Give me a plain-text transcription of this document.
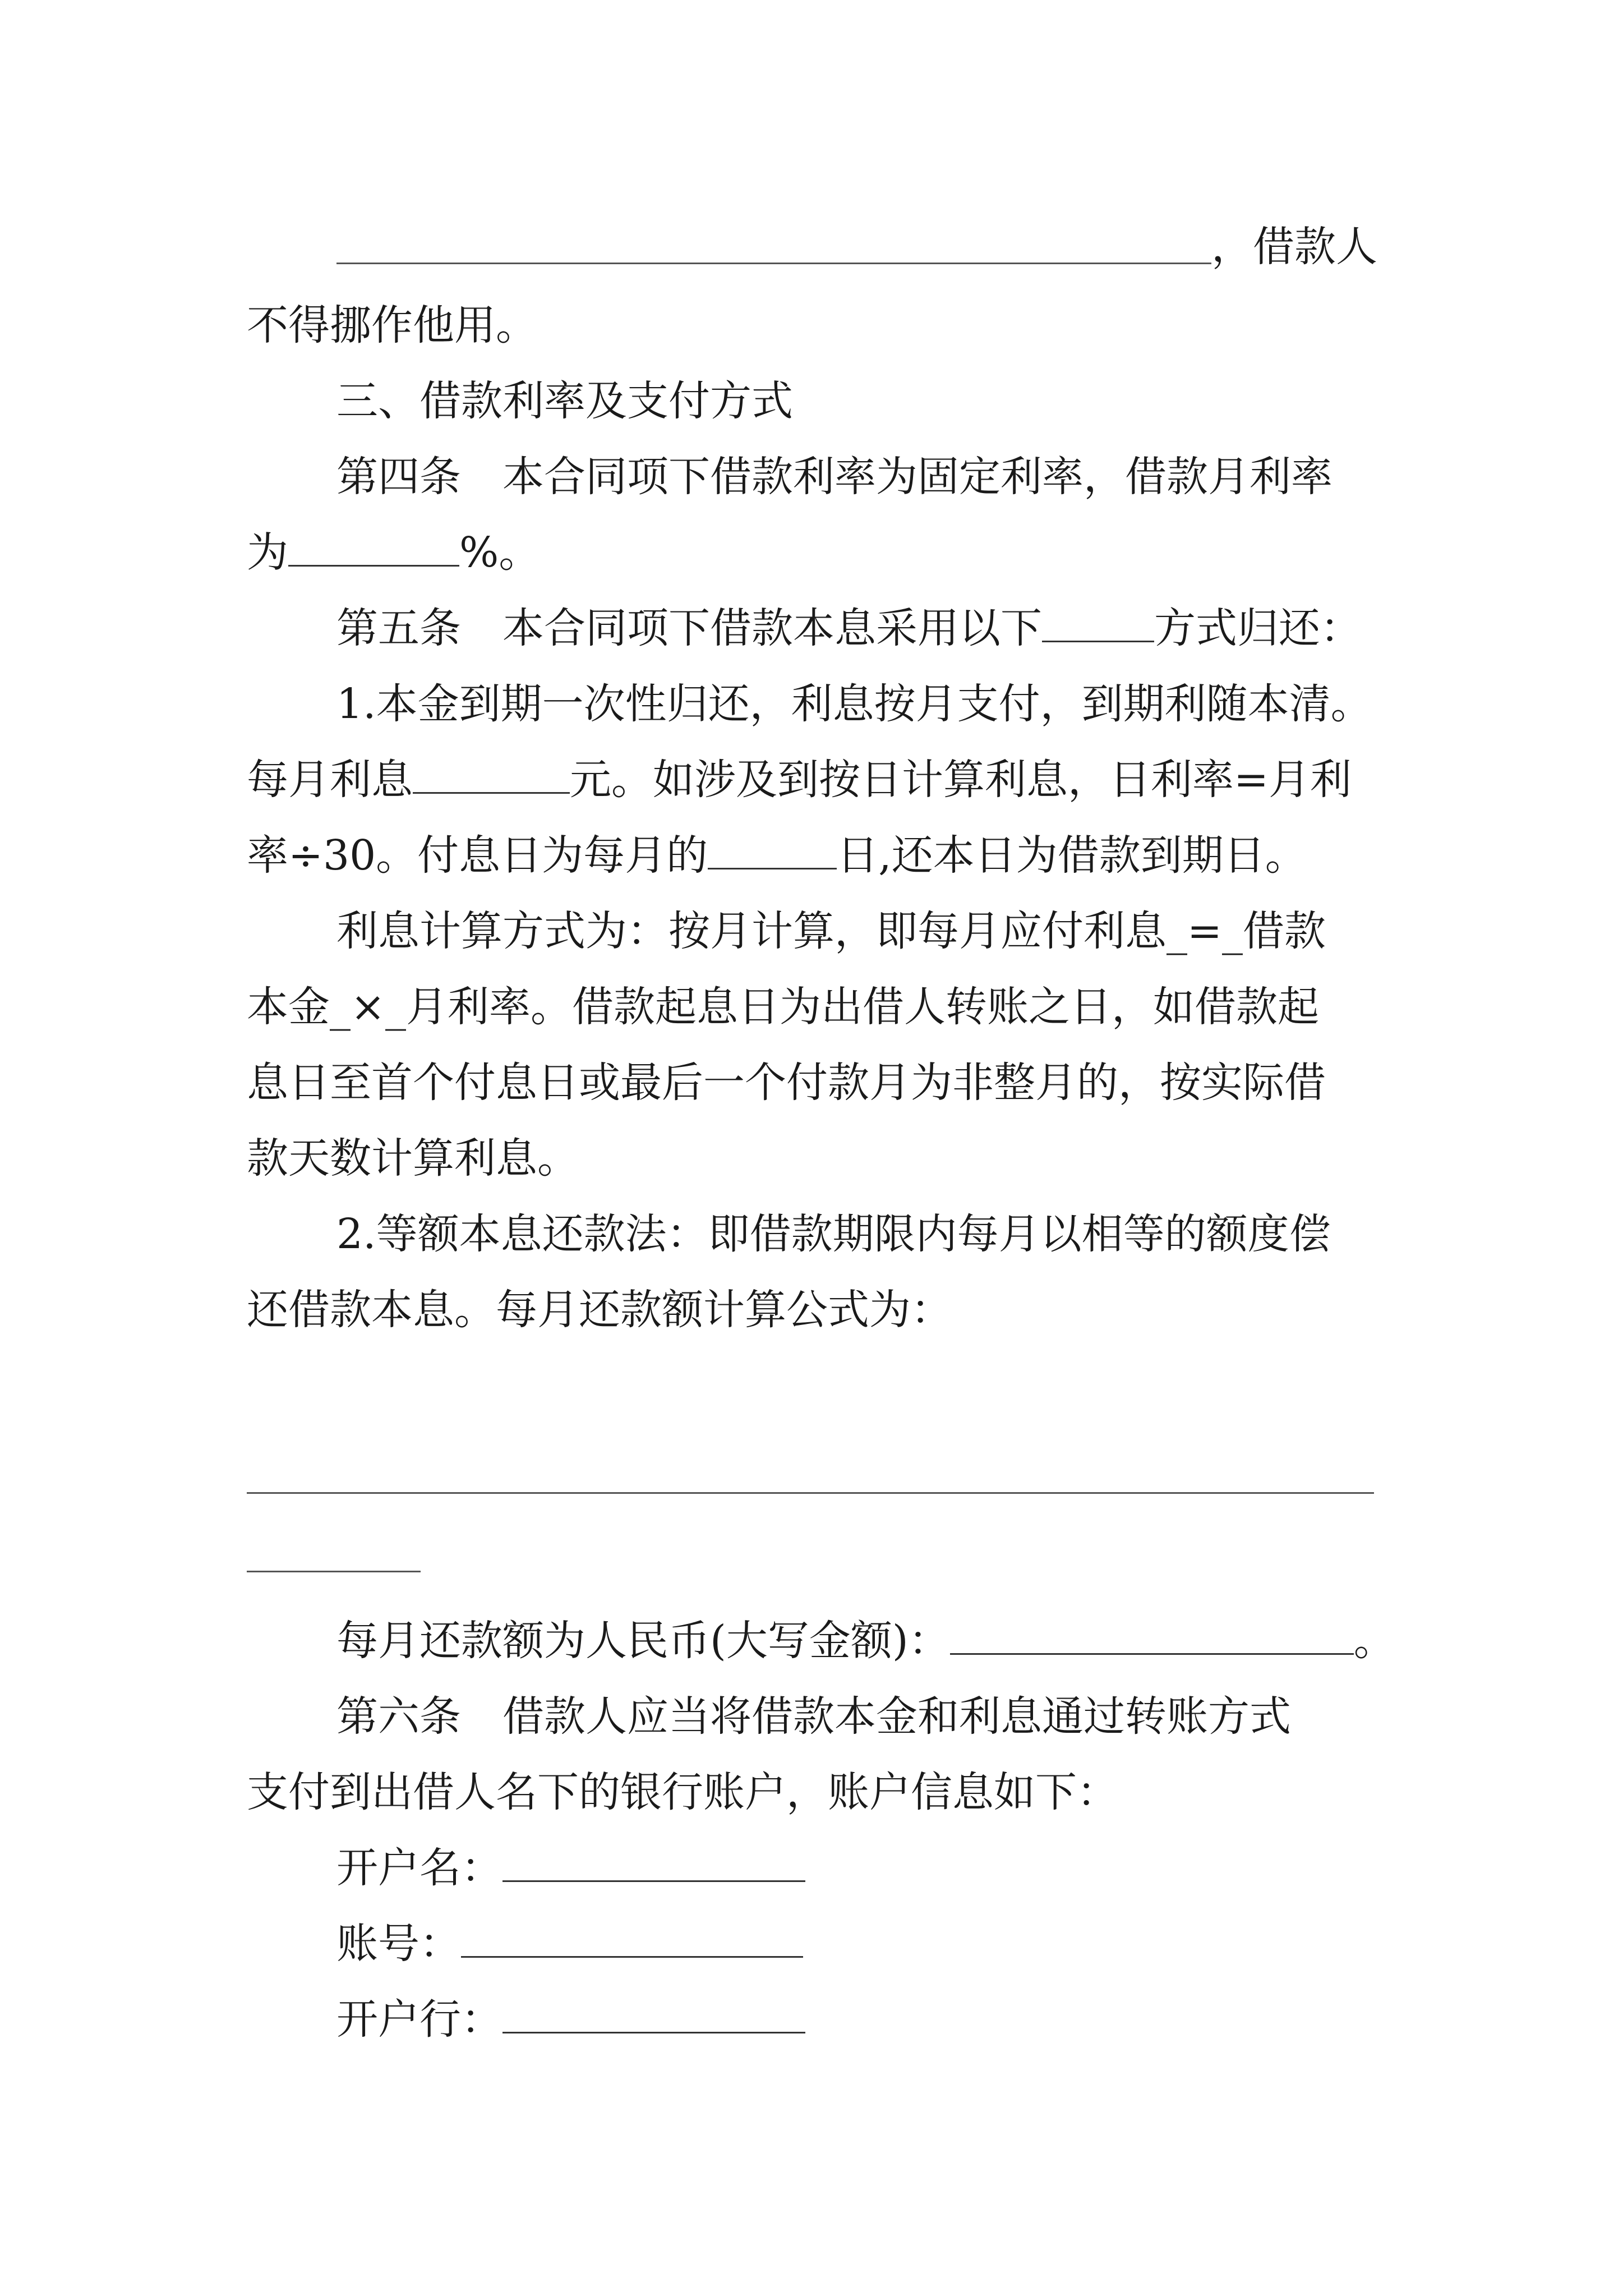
，借款人
不得挪作他用。
三、借款利率及支付方式
第四条　本合同项下借款利率为固定利率，借款月利率
为	%。
第五条　本合同项下借款本息采用以下	方式归还：
1.本金到期一次性归还，利息按月支付，到期利随本清。
每月利息	元。如涉及到按日计算利息，日利率=月利
率÷30。付息日为每月的	日,还本日为借款到期日。
利息计算方式为：按月计算，即每月应付利息_=_借款
本金_×_月利率。借款起息日为出借人转账之日，如借款起
息日至首个付息日或最后一个付款月为非整月的，按实际借
款天数计算利息。
2.等额本息还款法：即借款期限内每月以相等的额度偿
还借款本息。每月还款额计算公式为：
每月还款额为人民币(大写金额)：	。
第六条　借款人应当将借款本金和利息通过转账方式
支付到出借人名下的银行账户，账户信息如下：
开户名：
账号：
开户行：
